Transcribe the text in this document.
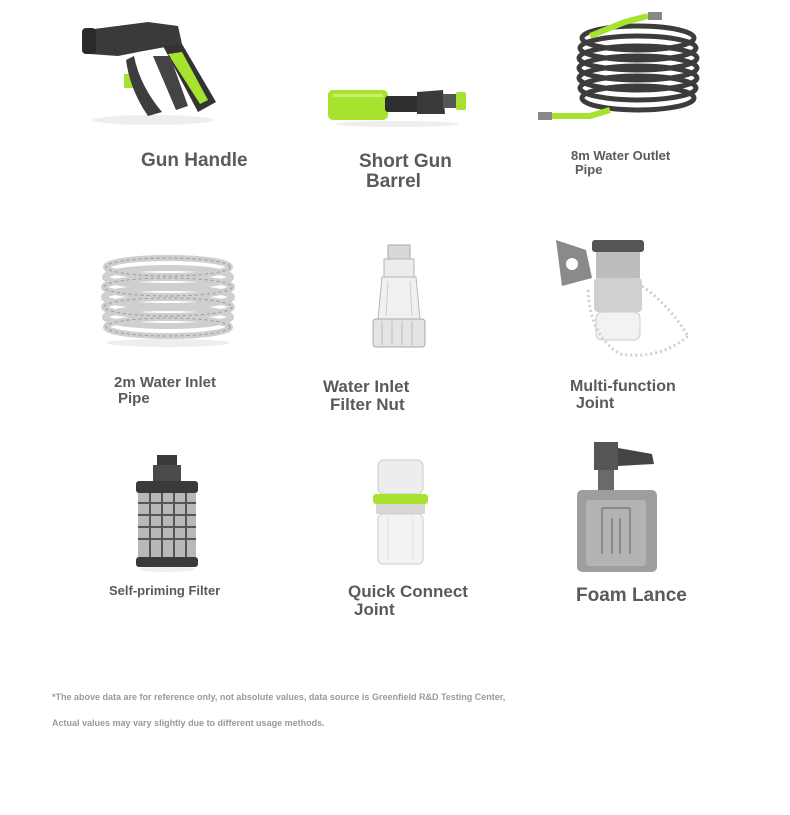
Gun Handle	Short Gun
Barrel
8m Water Outlet
Pipe
2m Water Inlet
Pipe
Water Inlet
Filter Nut
Multi-function
Joint
Self-priming Filter	Quick Connect
Joint
Foam Lance
*The above data are for reference only, not absolute values, data source is Greenfield R&D Testing Center,
Actual values may vary slightly due to different usage methods.
